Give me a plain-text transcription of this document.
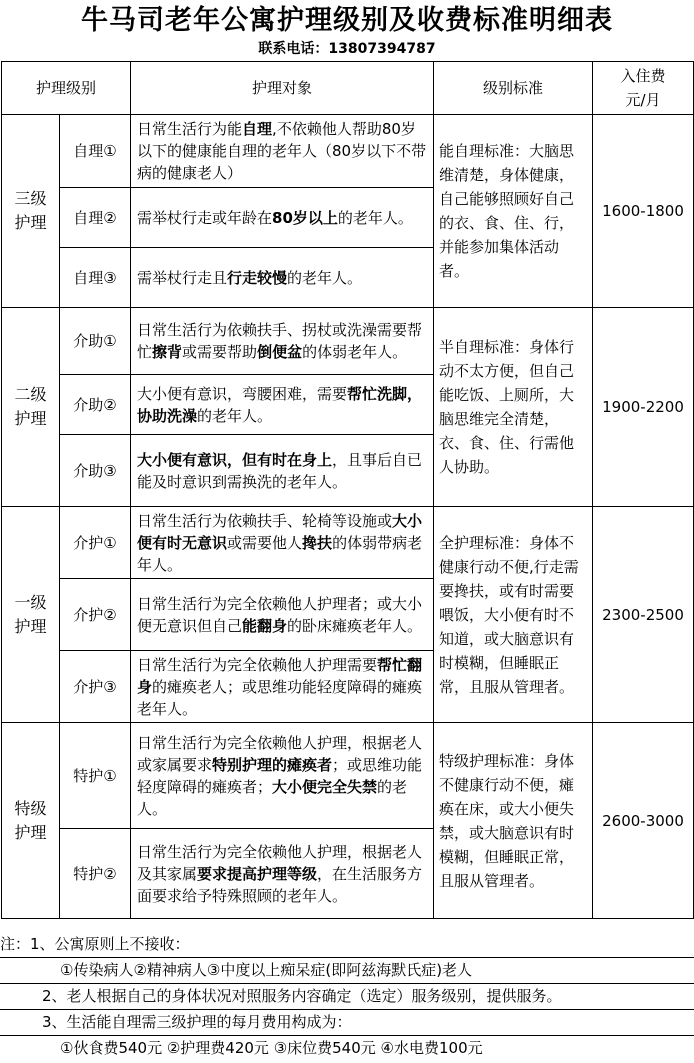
牛马司老年公寓护理级别及收费标准明细表
联系电话：13807394787
护理级别		护理对象	级别标准	入住费
元/月
三级
护理	自理①	日常生活行为能自理,不依赖他人帮助80岁以下的健康能自理的老年人（80岁以下不带病的健康老人）	能自理标准：大脑思维清楚，身体健康，自己能够照顾好自己的衣、食、住、行，并能参加集体活动者。	1600-1800
	自理②	需举杖行走或年龄在80岁以上的老年人。		
	自理③	需举杖行走且行走较慢的老年人。		
二级
护理	介助①	日常生活行为依赖扶手、拐杖或洗澡需要帮忙擦背或需要帮助倒便盆的体弱老年人。	半自理标准：身体行动不太方便，但自己能吃饭、上厕所，大脑思维完全清楚，衣、食、住、行需他人协助。	1900-2200
	介助②	大小便有意识，弯腰困难，需要帮忙洗脚，协助洗澡的老年人。		
	介助③	大小便有意识，但有时在身上，且事后自已能及时意识到需换洗的老年人。		
一级
护理	介护①	日常生活行为依赖扶手、轮椅等设施或大小便有时无意识或需要他人搀扶的体弱带病老年人。	全护理标准：身体不健康行动不便,行走需要搀扶，或有时需要喂饭，大小便有时不知道，或大脑意识有时模糊，但睡眠正常，且服从管理者。	2300-2500
	介护②	日常生活行为完全依赖他人护理者；或大小便无意识但自己能翻身的卧床瘫痪老年人。		
	介护③	日常生活行为完全依赖他人护理需要帮忙翻身的瘫痪老人；或思维功能轻度障碍的瘫痪老年人。		
特级
护理	特护①	日常生活行为完全依赖他人护理，根据老人或家属要求特别护理的瘫痪者；或思维功能轻度障碍的瘫痪者；大小便完全失禁的老人。	特级护理标准：身体不健康行动不便，瘫痪在床，或大小便失禁，或大脑意识有时模糊，但睡眠正常，且服从管理者。	2600-3000
	特护②	日常生活行为完全依赖他人护理，根据老人及其家属要求提高护理等级，在生活服务方面要求给予特殊照顾的老年人。		
注：1、公寓原则上不接收：
①传染病人②精神病人③中度以上痴呆症(即阿兹海默氏症)老人
2、老人根据自己的身体状况对照服务内容确定（选定）服务级别，提供服务。
3、生活能自理需三级护理的每月费用构成为：
①伙食费540元 ②护理费420元 ③床位费540元 ④水电费100元
